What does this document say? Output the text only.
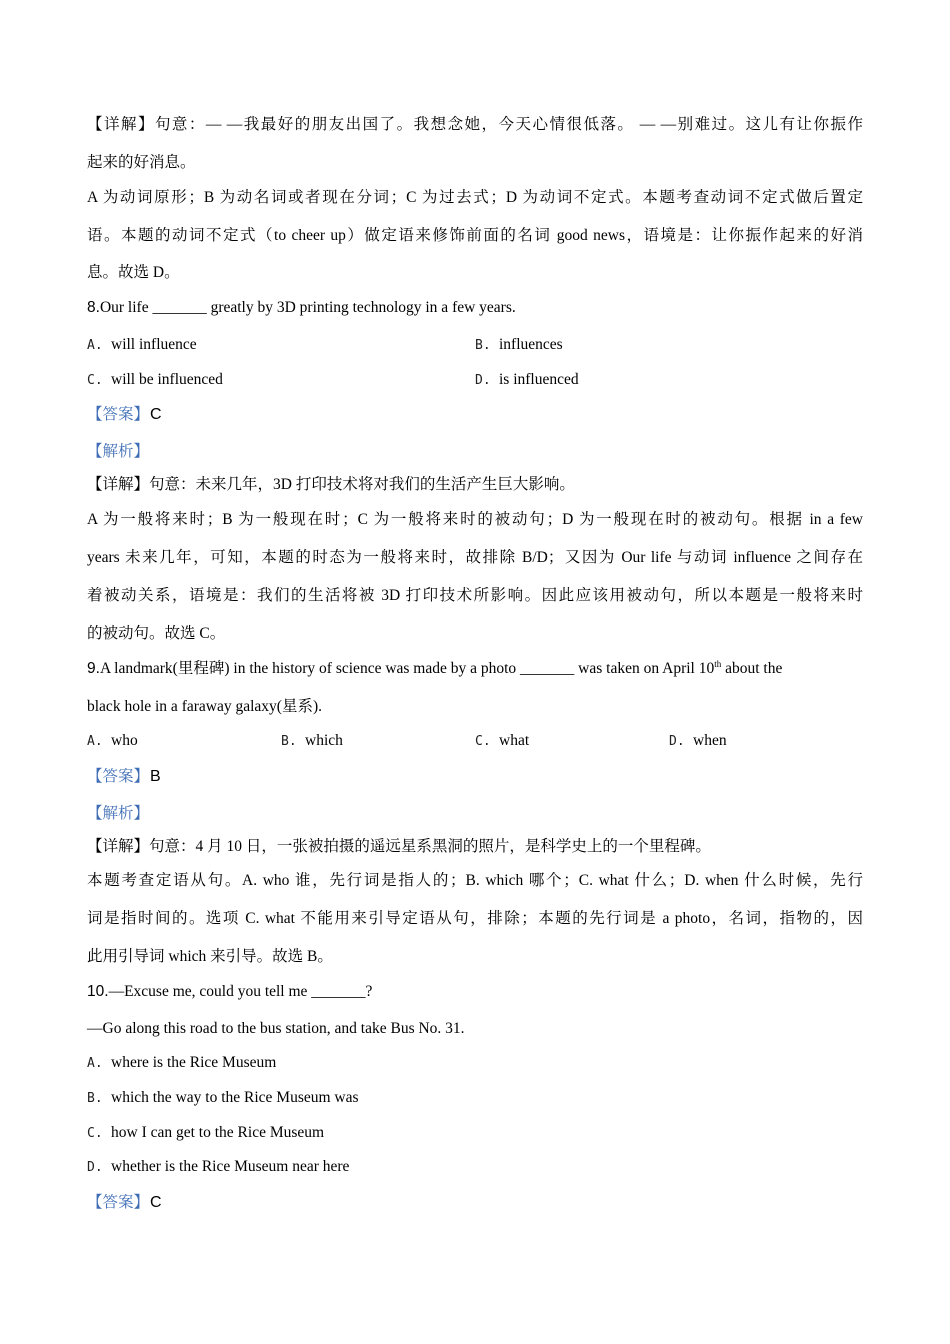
【详解】句意：— —我最好的朋友出国了。我想念她，今天心情很低落。 — —别难过。这儿有让你振作
起来的好消息。
A 为动词原形；B 为动名词或者现在分词；C 为过去式；D 为动词不定式。本题考查动词不定式做后置定
语。本题的动词不定式（to cheer up）做定语来修饰前面的名词 good news，语境是：让你振作起来的好消
息。故选 D。
8.Our life _______ greatly by 3D printing technology in a few years.
A. will influence	B. influences
C. will be influenced	D. is influenced
【答案】C
【解析】
【详解】句意：未来几年，3D 打印技术将对我们的生活产生巨大影响。
A 为一般将来时；B 为一般现在时；C 为一般将来时的被动句；D 为一般现在时的被动句。根据 in a few
years 未来几年，可知，本题的时态为一般将来时，故排除 B/D；又因为 Our life 与动词 influence 之间存在
着被动关系，语境是：我们的生活将被 3D 打印技术所影响。因此应该用被动句，所以本题是一般将来时
的被动句。故选 C。
9.A landmark(里程碑) in the history of science was made by a photo _______ was taken on April 10th about the
black hole in a faraway galaxy(星系).
A. who	B. which	C. what	D. when
【答案】B
【解析】
【详解】句意：4 月 10 日，一张被拍摄的遥远星系黑洞的照片，是科学史上的一个里程碑。
本题考查定语从句。A. who 谁，先行词是指人的；B. which 哪个；C. what 什么；D. when 什么时候，先行
词是指时间的。选项 C. what 不能用来引导定语从句，排除；本题的先行词是 a photo，名词，指物的，因
此用引导词 which 来引导。故选 B。
10.—Excuse me, could you tell me _______?
—Go along this road to the bus station, and take Bus No. 31.
A. where is the Rice Museum
B. which the way to the Rice Museum was
C. how I can get to the Rice Museum
D. whether is the Rice Museum near here
【答案】C
